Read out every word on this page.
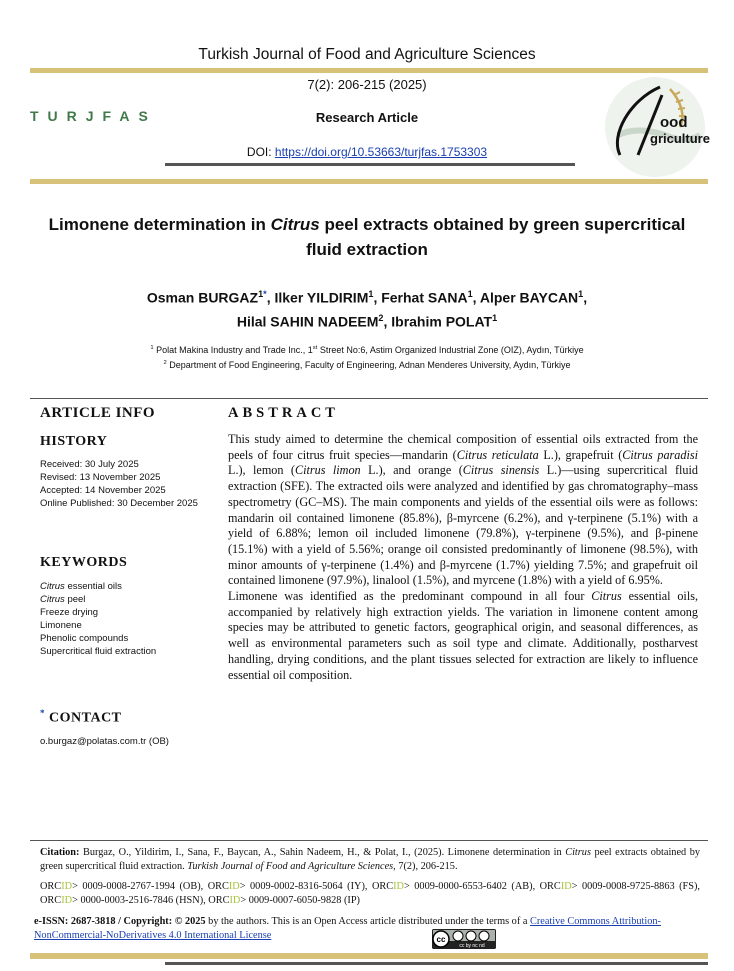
Turkish Journal of Food and Agriculture Sciences
TURJFAS
7(2): 206-215 (2025)
Research Article
DOI: https://doi.org/10.53663/turjfas.1753303
ood
griculture
Limonene determination in Citrus peel extracts obtained by green supercritical fluid extraction
Osman $BURGAZ^{1*}$, Ilker YILDIRIM$^1$, Ferhat SANA$^1$, Alper BAYCAN$^1$,
Hilal SAHIN NADEEM$^2$, Ibrahim POLAT$^1$
$^1$ Polat Makina Industry and Trade Inc., 1st Street No:6, Astim Organized Industrial Zone (OIZ), Aydın, Türkiye
$^2$ Department of Food Engineering, Faculty of Engineering, Adnan Menderes University, Aydın, Türkiye
ARTICLE INFO
HISTORY
Received: 30 July 2025
Revised: 13 November 2025
Accepted: 14 November 2025
Online Published: 30 December 2025
KEYWORDS
Citrus essential oils
Citrus peel
Freeze drying
Limonene
Phenolic compounds
Supercritical fluid extraction
* CONTACT
o.burgaz@polatas.com.tr (OB)
ABSTRACT

This study aimed to determine the chemical composition of essential oils extracted from the peels of four citrus fruit species—mandarin (Citrus reticulata L.), grapefruit (Citrus paradisi L.), lemon (Citrus limon L.), and orange (Citrus sinensis L.)—using supercritical fluid extraction (SFE). The extracted oils were analyzed and identified by gas chromatography–mass spectrometry (GC–MS). The main components and yields of the essential oils were as follows: mandarin oil contained limonene (85.8%), β-myrcene (6.2%), and γ-terpinene (5.1%) with a yield of 6.88%; lemon oil included limonene (79.8%), γ-terpinene (9.5%), and β-pinene (15.1%) with a yield of 5.56%; orange oil consisted predominantly of limonene (98.5%), with minor amounts of γ-terpinene (1.4%) and β-myrcene (1.7%) yielding 7.5%; and grapefruit oil contained limonene (97.9%), linalool (1.5%), and myrcene (1.8%) with a yield of 6.95%.

Limonene was identified as the predominant compound in all four Citrus essential oils, accompanied by relatively high extraction yields. The variation in limonene content among species may be attributed to genetic factors, geographical origin, and seasonal differences, as well as environmental parameters such as soil type and climate. Additionally, postharvest handling, drying conditions, and the plant tissues selected for extraction are likely to influence essential oil composition.

Citation: Burgaz, O., Yildirim, I., Sana, F., Baycan, A., Sahin Nadeem, H., & Polat, I., (2025). Limonene determination in Citrus peel extracts obtained by green supercritical fluid extraction. Turkish Journal of Food and Agriculture Sciences, 7(2), 206-215.
ORCID> 0009-0008-2767-1994 (OB), ORCID> 0009-0002-8316-5064 (IY), ORCID> 0009-0000-6553-6402 (AB), ORCID> 0009-0008-9725-8863 (FS), ORCID> 0000-0003-2516-7846 (HSN), ORCID> 0009-0007-6050-9828 (IP)
e-ISSN: 2687-3818 / Copyright: © 2025 by the authors. This is an Open Access article distributed under the terms of a Creative Commons Attribution- NonCommercial-NoDerivatives 4.0 International License	cc
cc by nc nd
